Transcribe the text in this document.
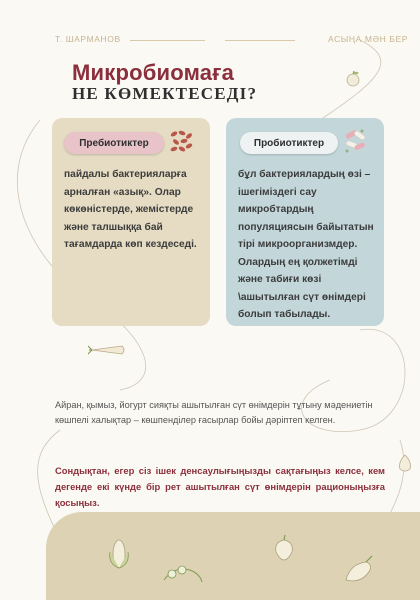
Т. ШАРМАНОВ	АСЫҢА МӘН БЕР
Микробиомаға
НЕ КӨМЕКТЕСЕДІ?
Пребиотиктер
пайдалы бактерияларға арналған «азық». Олар көкөністерде, жемістерде және талшыққа бай тағамдарда көп кездеседі.
Пробиотиктер
бұл бактериялардың өзі – ішегіміздегі сау микробтардың популяциясын байытатын тірі микроорганизмдер. Олардың ең қолжетімді және табиғи көзі \ашытылған сүт өнімдері болып табылады.
Айран, қымыз, йогурт сияқты ашытылған сүт өнімдерін тұтыну мәдениетін көшпелі халықтар – көшпенділер ғасырлар бойы дәріптеп келген.
Сондықтан, егер сіз ішек денсаулығыңызды сақтағыңыз келсе, кем дегенде екі күнде бір рет ашытылған сүт өнімдерін рационыңызға қосыңыз.
